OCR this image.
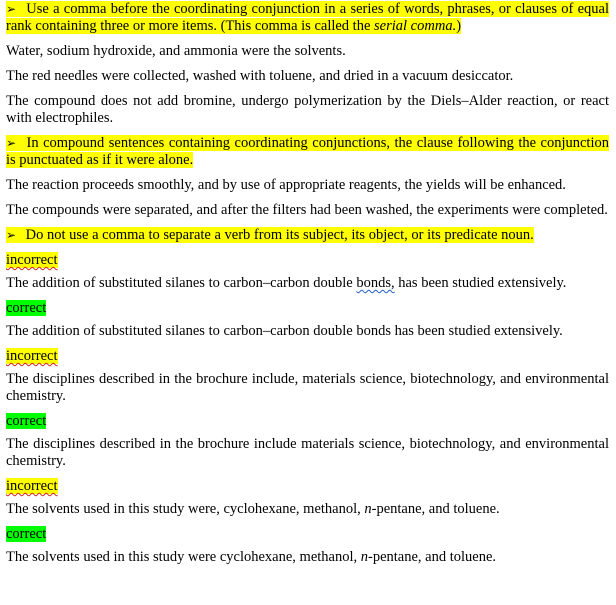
➢ Use a comma before the coordinating conjunction in a series of words, phrases, or clauses of equal rank containing three or more items. (This comma is called the serial comma.)

Water, sodium hydroxide, and ammonia were the solvents.

The red needles were collected, washed with toluene, and dried in a vacuum desiccator.

The compound does not add bromine, undergo polymerization by the Diels–Alder reaction, or react with electrophiles.

➢ In compound sentences containing coordinating conjunctions, the clause following the conjunction is punctuated as if it were alone.

The reaction proceeds smoothly, and by use of appropriate reagents, the yields will be enhanced.

The compounds were separated, and after the filters had been washed, the experiments were completed.

➢ Do not use a comma to separate a verb from its subject, its object, or its predicate noun.

incorrect

The addition of substituted silanes to carbon–carbon double bonds, has been studied extensively.

correct

The addition of substituted silanes to carbon–carbon double bonds has been studied extensively.

incorrect

The disciplines described in the brochure include, materials science, biotechnology, and environmental chemistry.

correct

The disciplines described in the brochure include materials science, biotechnology, and environmental chemistry.

incorrect

The solvents used in this study were, cyclohexane, methanol, n-pentane, and toluene.

correct

The solvents used in this study were cyclohexane, methanol, n-pentane, and toluene.
